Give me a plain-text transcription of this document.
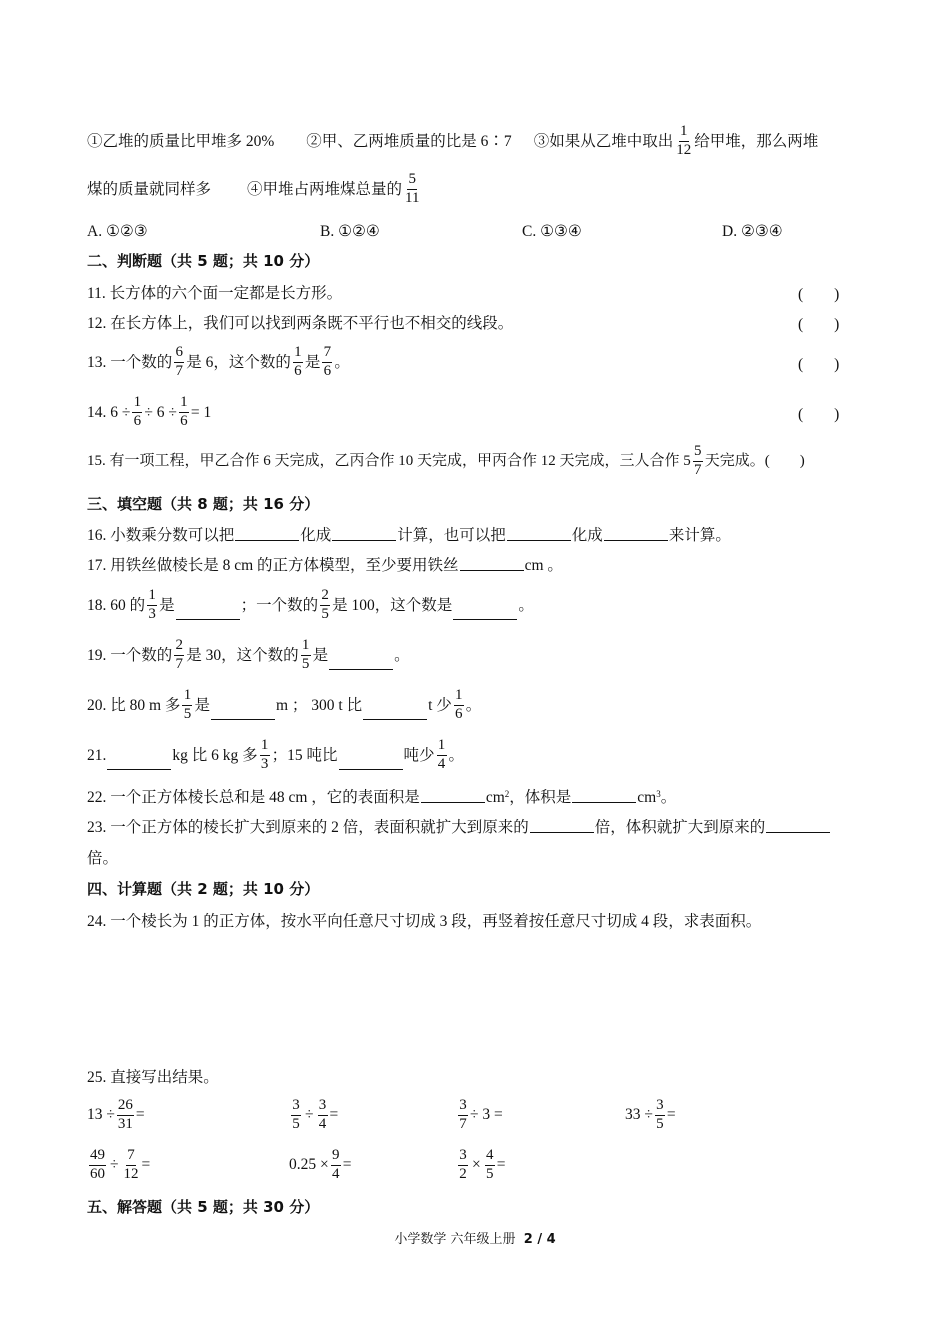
①乙堆的质量比甲堆多 20% ②甲、乙两堆质量的比是 6∶7 ③如果从乙堆中取出 $\frac{1}{12}$ 给甲堆，那么两堆
煤的质量就同样多 ④甲堆占两堆煤总量的 $\frac{5}{11}$
A. ①②③	B. ①②④	C. ①③④	D. ②③④
二、判断题（共 5 题；共 10 分）
11. 长方体的六个面一定都是长方形。	(        )
12. 在长方体上，我们可以找到两条既不平行也不相交的线段。	(        )
13. 一个数的 $\frac{6}{7}$ 是 6，这个数的 $\frac{1}{6}$ 是 $\frac{7}{6}$ 。	(        )
14. $6 \div \frac{1}{6} \div 6 \div \frac{1}{6} = 1$	(        )
15. 有一项工程，甲乙合作 6 天完成，乙丙合作 10 天完成，甲丙合作 12 天完成，三人合作 $5 \frac{5}{7}$ 天完成。 (        )
三、填空题（共 8 题；共 16 分）
16. 小数乘分数可以把	化成	计算，也可以把	化成	来计算。
17. 用铁丝做棱长是 8 cm 的正方体模型，至少要用铁丝	cm 。
18. 60 的 $\frac{1}{3}$ 是	；一个数的 $\frac{2}{5}$ 是 100，这个数是	。
19. 一个数的 $\frac{2}{7}$ 是 30，这个数的 $\frac{1}{5}$ 是	。
20. 比 80 m 多 $\frac{1}{5}$ 是	m ； 300 t 比	t 少 $\frac{1}{6}$ 。
21.	kg 比 6 kg 多 $\frac{1}{3}$ ；15 吨比	吨少 $\frac{1}{4}$ 。
22. 一个正方体棱长总和是 48 cm ，它的表面积是	$cm^2$ ，体积是	$cm^3$ 。
23. 一个正方体的棱长扩大到原来的 2 倍，表面积就扩大到原来的	倍，体积就扩大到原来的
倍。
四、计算题（共 2 题；共 10 分）
24. 一个棱长为 1 的正方体，按水平向任意尺寸切成 3 段，再竖着按任意尺寸切成 4 段，求表面积。
25. 直接写出结果。
$13 \div \frac{26}{31}$ =	$\frac{3}{5} \div \frac{3}{4}$ =	$\frac{3}{7} \div 3$ =	$33 \div \frac{3}{5}$ =
$\frac{49}{60} \div \frac{7}{12}$ =	$0.25 \times \frac{9}{4}$ =	$\frac{3}{2} \times \frac{4}{5}$ =
五、解答题（共 5 题；共 30 分）
小学数学 六年级上册 2 / 4
